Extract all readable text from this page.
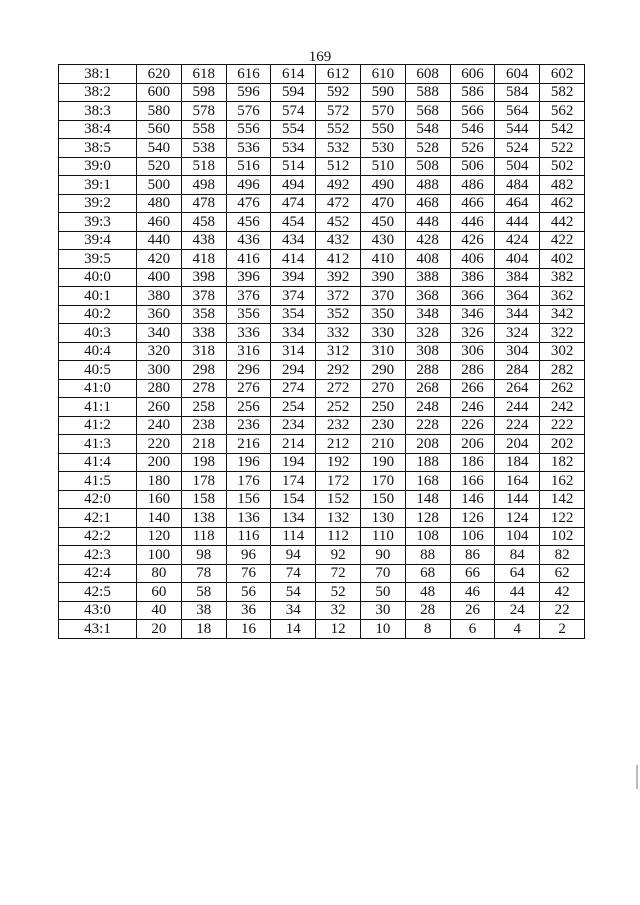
169
38:1	620	618	616	614	612	610	608	606	604	602
38:2	600	598	596	594	592	590	588	586	584	582
38:3	580	578	576	574	572	570	568	566	564	562
38:4	560	558	556	554	552	550	548	546	544	542
38:5	540	538	536	534	532	530	528	526	524	522
39:0	520	518	516	514	512	510	508	506	504	502
39:1	500	498	496	494	492	490	488	486	484	482
39:2	480	478	476	474	472	470	468	466	464	462
39:3	460	458	456	454	452	450	448	446	444	442
39:4	440	438	436	434	432	430	428	426	424	422
39:5	420	418	416	414	412	410	408	406	404	402
40:0	400	398	396	394	392	390	388	386	384	382
40:1	380	378	376	374	372	370	368	366	364	362
40:2	360	358	356	354	352	350	348	346	344	342
40:3	340	338	336	334	332	330	328	326	324	322
40:4	320	318	316	314	312	310	308	306	304	302
40:5	300	298	296	294	292	290	288	286	284	282
41:0	280	278	276	274	272	270	268	266	264	262
41:1	260	258	256	254	252	250	248	246	244	242
41:2	240	238	236	234	232	230	228	226	224	222
41:3	220	218	216	214	212	210	208	206	204	202
41:4	200	198	196	194	192	190	188	186	184	182
41:5	180	178	176	174	172	170	168	166	164	162
42:0	160	158	156	154	152	150	148	146	144	142
42:1	140	138	136	134	132	130	128	126	124	122
42:2	120	118	116	114	112	110	108	106	104	102
42:3	100	98	96	94	92	90	88	86	84	82
42:4	80	78	76	74	72	70	68	66	64	62
42:5	60	58	56	54	52	50	48	46	44	42
43:0	40	38	36	34	32	30	28	26	24	22
43:1	20	18	16	14	12	10	8	6	4	2
